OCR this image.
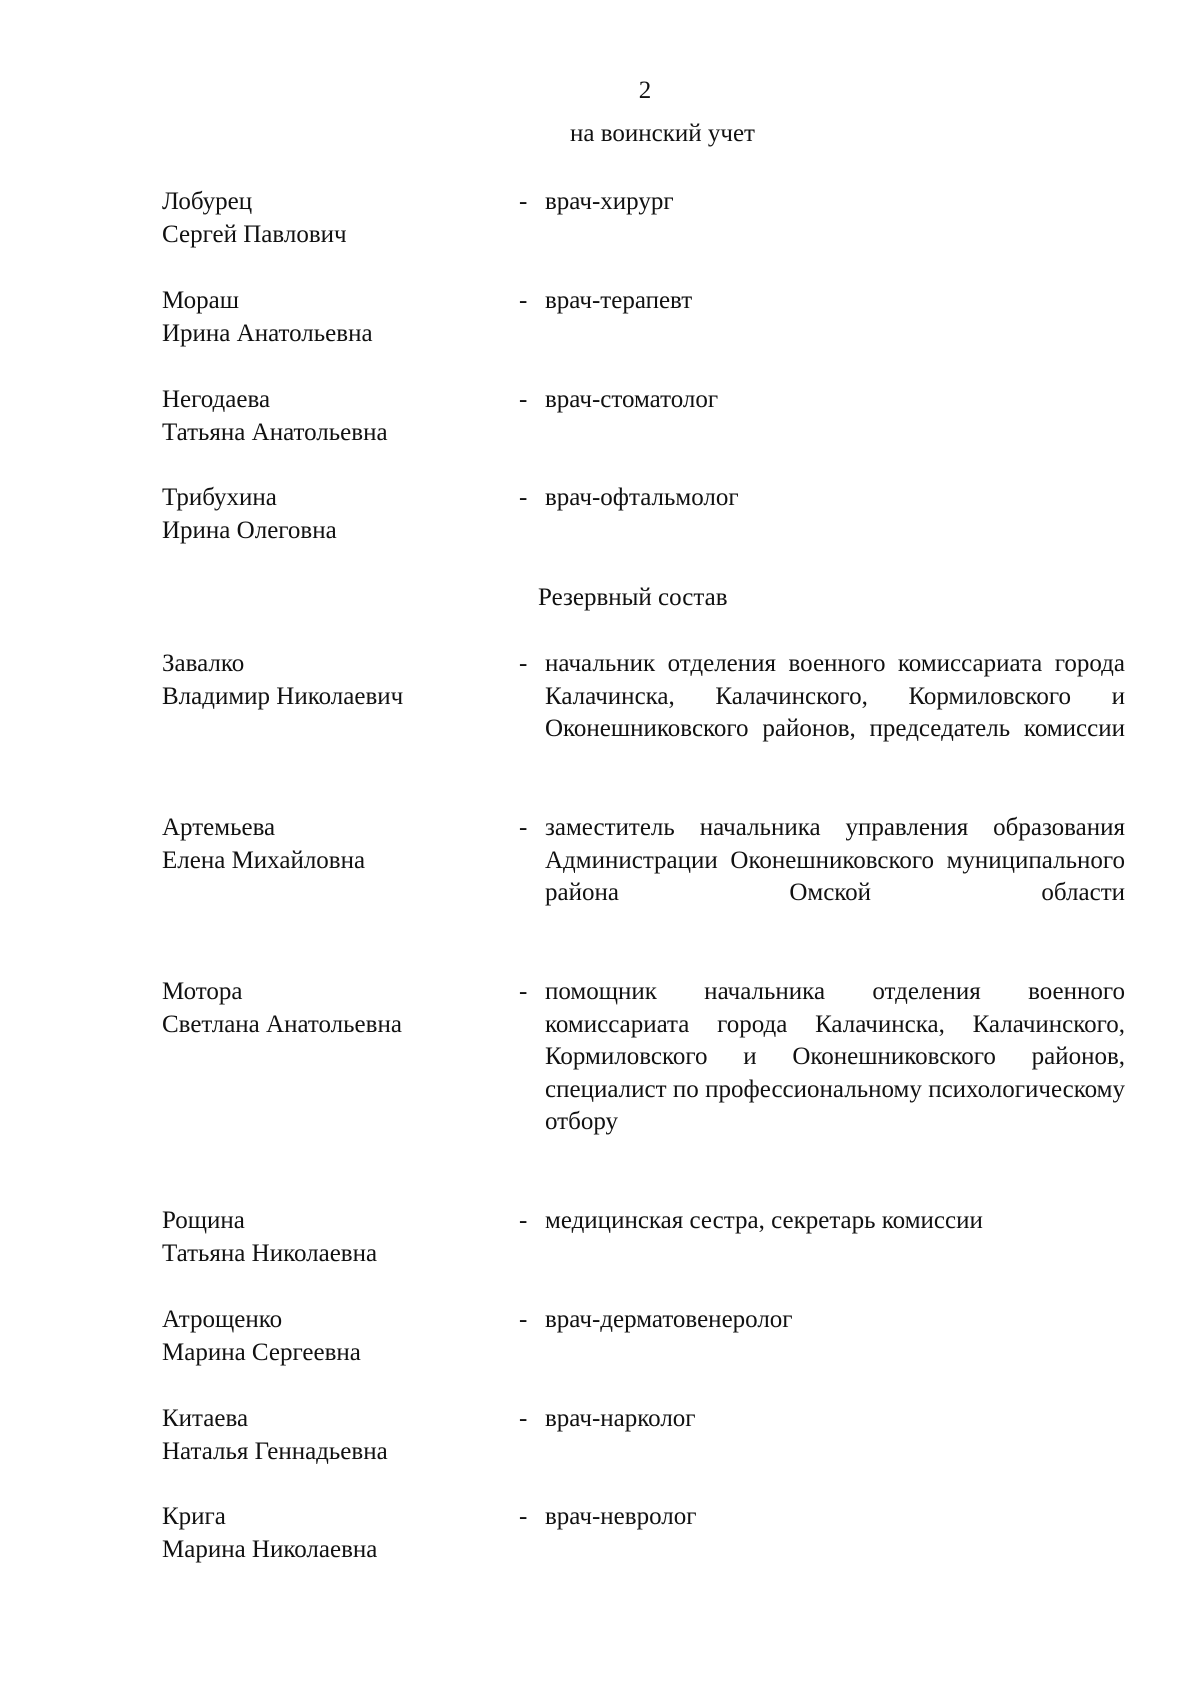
2
на воинский учет
Лобурец
Сергей Павлович
- врач-хирург
Мораш
Ирина Анатольевна
- врач-терапевт
Негодаева
Татьяна Анатольевна
- врач-стоматолог
Трибухина
Ирина Олеговна
- врач-офтальмолог
Резервный состав
Завалко
Владимир Николаевич
- начальник отделения военного комиссариата города Калачинска, Калачинского, Кормиловского и Оконешниковского районов, председатель комиссии
Артемьева
Елена Михайловна
- заместитель начальника управления образования Администрации Оконешниковского муниципального района Омской области
Мотора
Светлана Анатольевна
- помощник начальника отделения военного комиссариата города Калачинска, Калачинского, Кормиловского и Оконешниковского районов, специалист по профессиональному психологическому отбору
Рощина
Татьяна Николаевна
- медицинская сестра, секретарь комиссии
Атрощенко
Марина Сергеевна
- врач-дерматовенеролог
Китаева
Наталья Геннадьевна
- врач-нарколог
Крига
Марина Николаевна
- врач-невролог
